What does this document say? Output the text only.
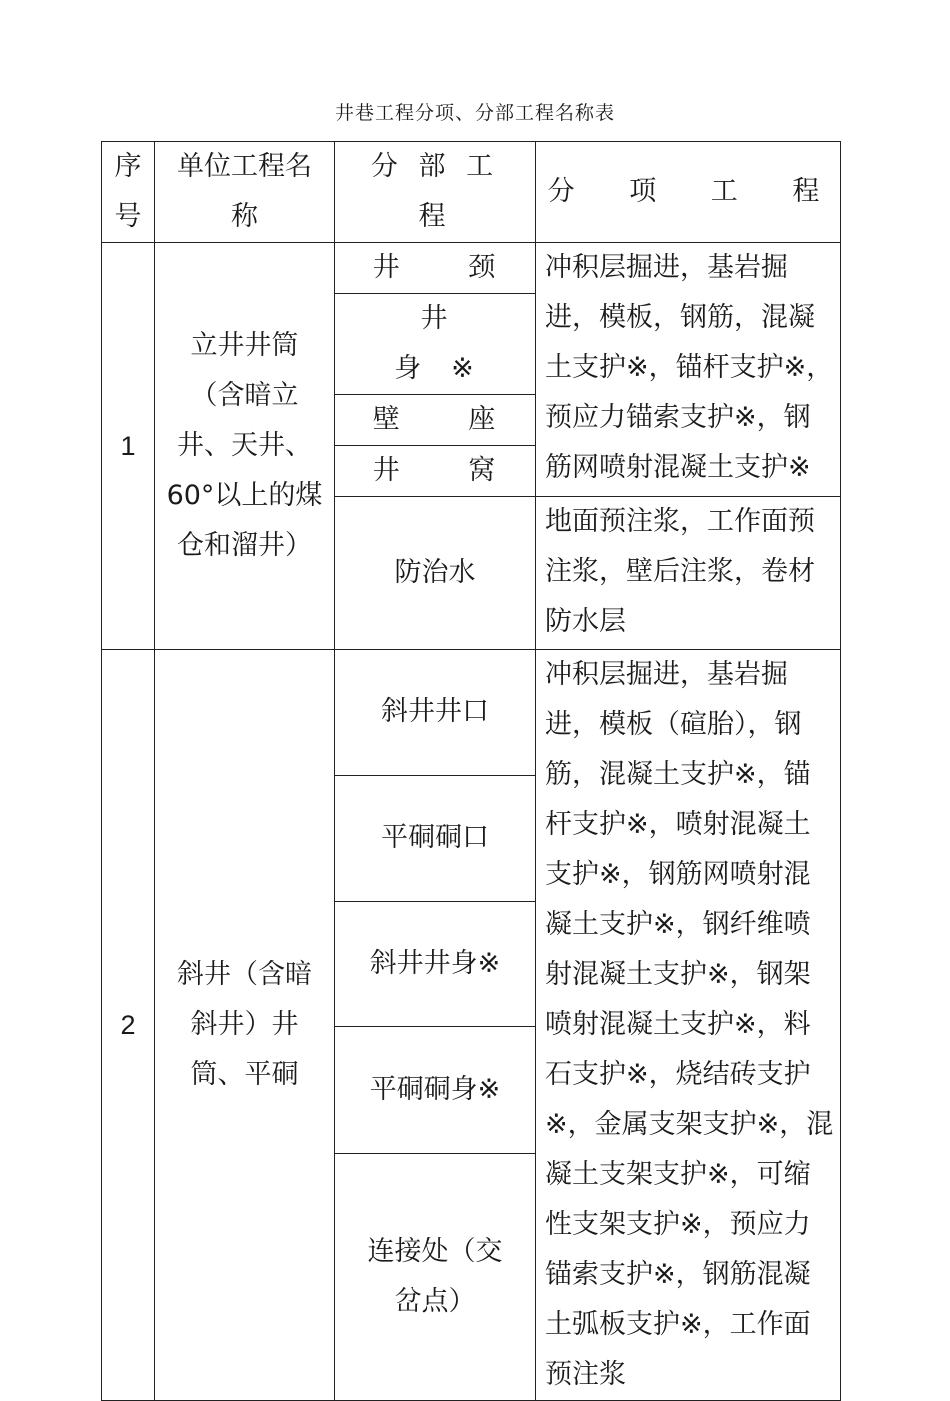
井巷工程分项、分部工程名称表
序号	单位工程名称	分 部 工 程	分 项 工 程
1	立井井筒（含暗立井、天井、60°以上的煤仓和溜井）	井 颈	冲积层掘进，基岩掘进，模板，钢筋，混凝土支护※，锚杆支护※，预应力锚索支护※，钢筋网喷射混凝土支护※
		井 身※	
		壁 座	
		井 窝	
		防治水	地面预注浆，工作面预注浆，壁后注浆，卷材防水层
2	斜井（含暗斜井）井筒、平硐	斜井井口	冲积层掘进，基岩掘进，模板（碹胎），钢筋，混凝土支护※，锚杆支护※，喷射混凝土支护※，钢筋网喷射混凝土支护※，钢纤维喷射混凝土支护※，钢架喷射混凝土支护※，料石支护※，烧结砖支护※，金属支架支护※，混凝土支架支护※，可缩性支架支护※，预应力锚索支护※，钢筋混凝土弧板支护※，工作面预注浆
		平硐硐口	
		斜井井身※	
		平硐硐身※	
		连接处（交岔点）	
